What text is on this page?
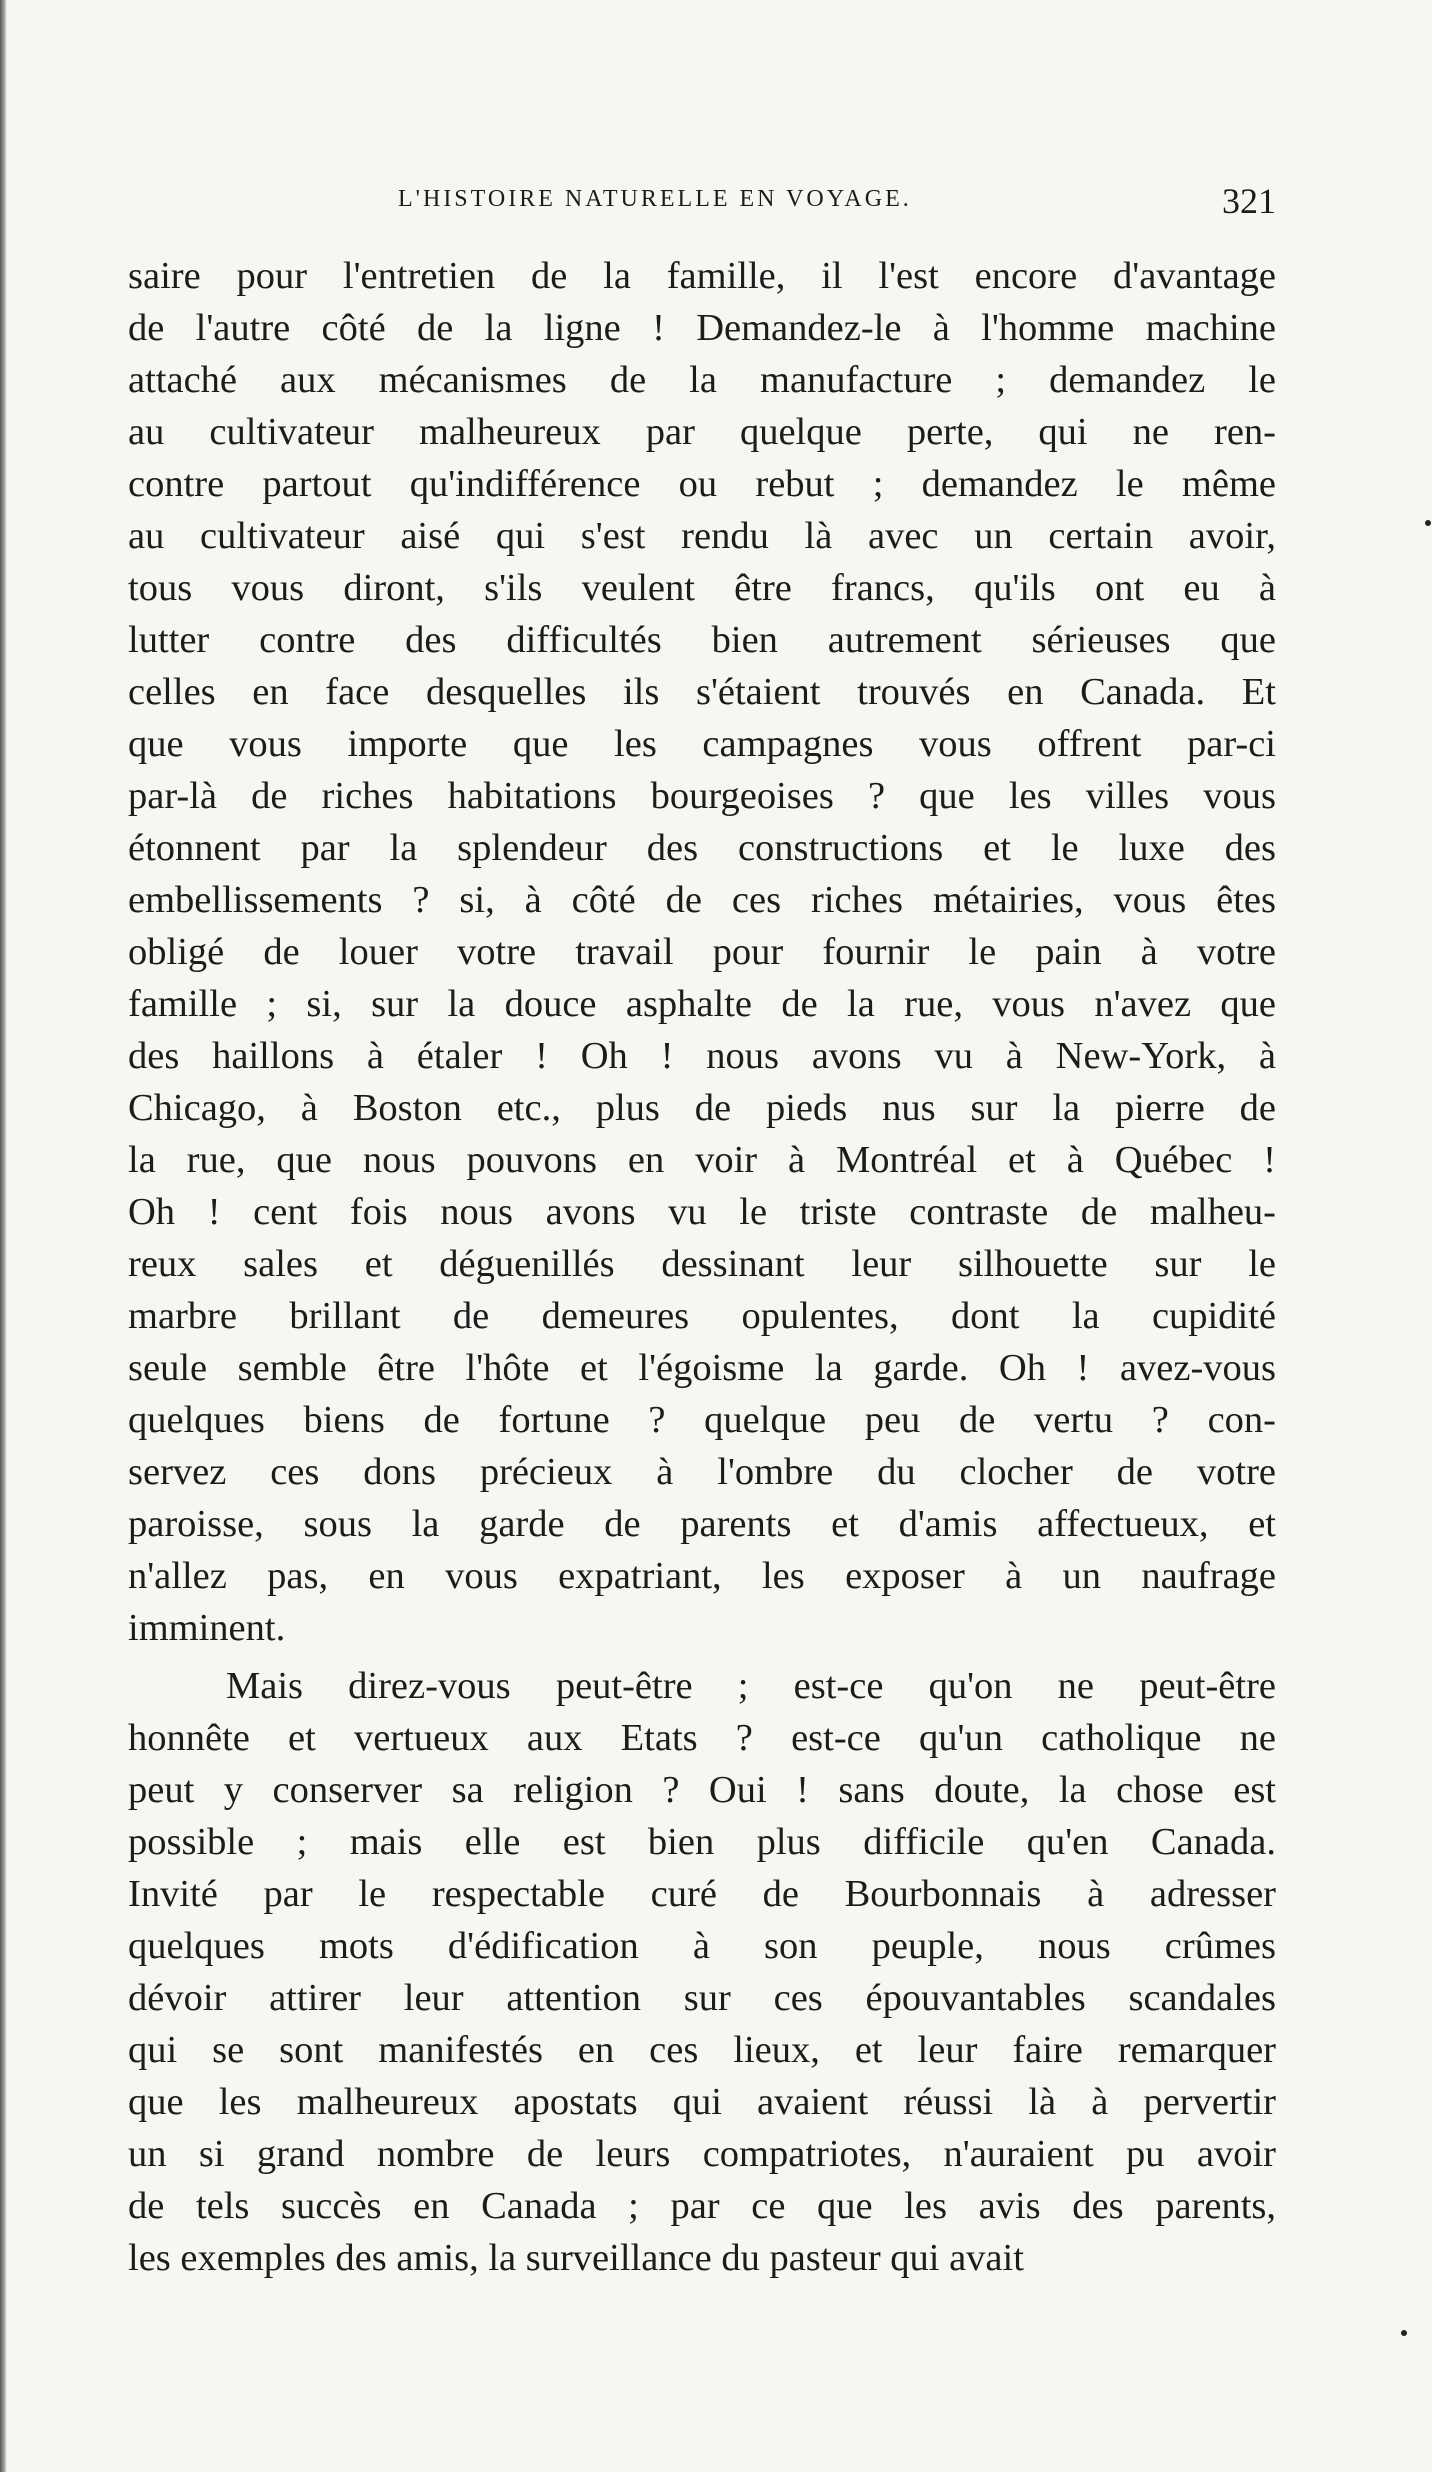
L'HISTOIRE NATURELLE EN VOYAGE.	321

saire pour l'entretien de la famille, il l'est encore d'avantage
de l'autre côté de la ligne ! Demandez-le à l'homme machine
attaché aux mécanismes de la manufacture ; demandez le
au cultivateur malheureux par quelque perte, qui ne ren-
contre partout qu'indifférence ou rebut ; demandez le même
au cultivateur aisé qui s'est rendu là avec un certain avoir,
tous vous diront, s'ils veulent être francs, qu'ils ont eu à
lutter contre des difficultés bien autrement sérieuses que
celles en face desquelles ils s'étaient trouvés en Canada. Et
que vous importe que les campagnes vous offrent par-ci
par-là de riches habitations bourgeoises ? que les villes vous
étonnent par la splendeur des constructions et le luxe des
embellissements ? si, à côté de ces riches métairies, vous êtes
obligé de louer votre travail pour fournir le pain à votre
famille ; si, sur la douce asphalte de la rue, vous n'avez que
des haillons à étaler ! Oh ! nous avons vu à New-York, à
Chicago, à Boston etc., plus de pieds nus sur la pierre de
la rue, que nous pouvons en voir à Montréal et à Québec !
Oh ! cent fois nous avons vu le triste contraste de malheu-
reux sales et déguenillés dessinant leur silhouette sur le
marbre brillant de demeures opulentes, dont la cupidité
seule semble être l'hôte et l'égoisme la garde. Oh ! avez-vous
quelques biens de fortune ? quelque peu de vertu ? con-
servez ces dons précieux à l'ombre du clocher de votre
paroisse, sous la garde de parents et d'amis affectueux, et
n'allez pas, en vous expatriant, les exposer à un naufrage
imminent.

Mais direz-vous peut-être ; est-ce qu'on ne peut-être
honnête et vertueux aux Etats ? est-ce qu'un catholique ne
peut y conserver sa religion ? Oui ! sans doute, la chose est
possible ; mais elle est bien plus difficile qu'en Canada.
Invité par le respectable curé de Bourbonnais à adresser
quelques mots d'édification à son peuple, nous crûmes
dévoir attirer leur attention sur ces épouvantables scandales
qui se sont manifestés en ces lieux, et leur faire remarquer
que les malheureux apostats qui avaient réussi là à pervertir
un si grand nombre de leurs compatriotes, n'auraient pu avoir
de tels succès en Canada ; par ce que les avis des parents,
les exemples des amis, la surveillance du pasteur qui avait
